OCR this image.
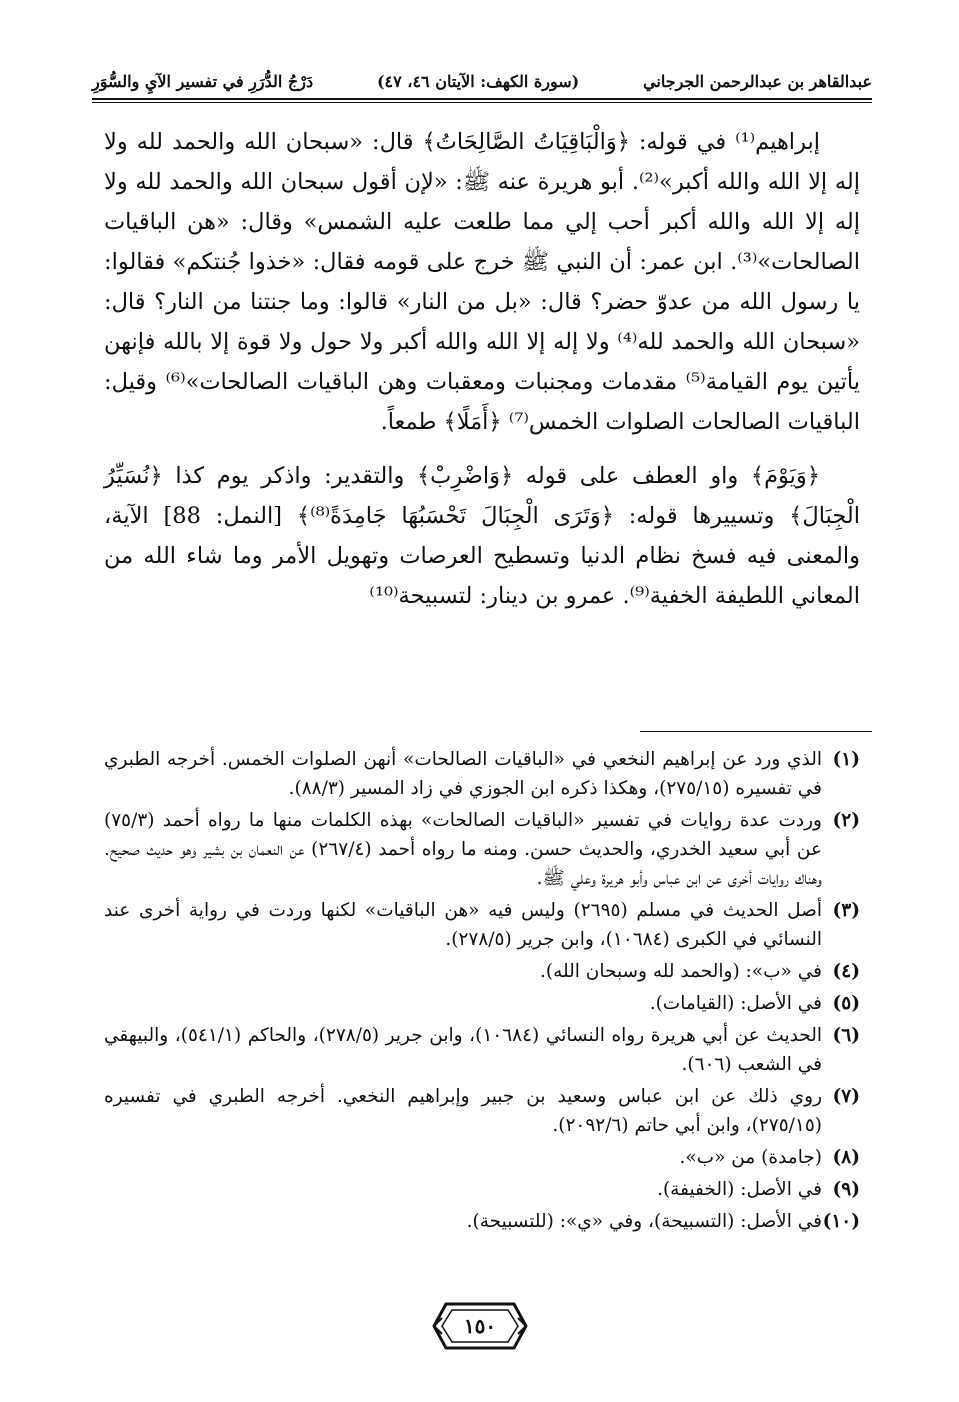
عبدالقاهر بن عبدالرحمن الجرجاني
(سورة الكهف: الآيتان ٤٦، ٤٧)
دَرْجُ الدُّرَرِ في تفسير الآيِ والسُّوَرِ

إبراهيم⁽¹⁾ في قوله: ﴿وَالْبَاقِيَاتُ الصَّالِحَاتُ﴾ قال: «سبحان الله والحمد لله ولا إله إلا الله والله أكبر»⁽²⁾. أبو هريرة عنه ﷺ: «لإن أقول سبحان الله والحمد لله ولا إله إلا الله والله أكبر أحب إلي مما طلعت عليه الشمس» وقال: «هن الباقيات الصالحات»⁽³⁾. ابن عمر: أن النبي ﷺ خرج على قومه فقال: «خذوا جُنتكم» فقالوا: يا رسول الله من عدوّ حضر؟ قال: «بل من النار» قالوا: وما جنتنا من النار؟ قال: «سبحان الله والحمد لله⁽⁴⁾ ولا إله إلا الله والله أكبر ولا حول ولا قوة إلا بالله فإنهن يأتين يوم القيامة⁽⁵⁾ مقدمات ومجنبات ومعقبات وهن الباقيات الصالحات»⁽⁶⁾ وقيل: الباقيات الصالحات الصلوات الخمس⁽⁷⁾ ﴿أَمَلًا﴾ طمعاً.

﴿وَيَوْمَ﴾ واو العطف على قوله ﴿وَاضْرِبْ﴾ والتقدير: واذكر يوم كذا ﴿نُسَيِّرُ الْجِبَالَ﴾ وتسييرها قوله: ﴿وَتَرَى الْجِبَالَ تَحْسَبُهَا جَامِدَةً⁽⁸⁾﴾ [النمل: 88] الآية، والمعنى فيه فسخ نظام الدنيا وتسطيح العرصات وتهويل الأمر وما شاء الله من المعاني اللطيفة الخفية⁽⁹⁾. عمرو بن دينار: لتسبيحة⁽¹⁰⁾

(١)
الذي ورد عن إبراهيم النخعي في «الباقيات الصالحات» أنهن الصلوات الخمس. أخرجه الطبري في تفسيره (٢٧٥/١٥)، وهكذا ذكره ابن الجوزي في زاد المسير (٨٨/٣).
(٢)
وردت عدة روايات في تفسير «الباقيات الصالحات» بهذه الكلمات منها ما رواه أحمد (٧٥/٣) عن أبي سعيد الخدري، والحديث حسن. ومنه ما رواه أحمد (٢٦٧/٤) عن النعمان بن بشير وهو حديث صحيح. وهناك روايات أخرى عن ابن عباس وأبو هريرة وعلي ﷺ.
(٣)
أصل الحديث في مسلم (٢٦٩٥) وليس فيه «هن الباقيات» لكنها وردت في رواية أخرى عند النسائي في الكبرى (١٠٦٨٤)، وابن جرير (٢٧٨/٥).
(٤)
في «ب»: (والحمد لله وسبحان الله).
(٥)
في الأصل: (القيامات).
(٦)
الحديث عن أبي هريرة رواه النسائي (١٠٦٨٤)، وابن جرير (٢٧٨/٥)، والحاكم (٥٤١/١)، والبيهقي في الشعب (٦٠٦).
(٧)
روي ذلك عن ابن عباس وسعيد بن جبير وإبراهيم النخعي. أخرجه الطبري في تفسيره (٢٧٥/١٥)، وابن أبي حاتم (٢٠٩٢/٦).
(٨)
(جامدة) من «ب».
(٩)
في الأصل: (الخفيفة).
(١٠)
في الأصل: (التسبيحة)، وفي «ي»: (للتسبيحة).
١٥٠
